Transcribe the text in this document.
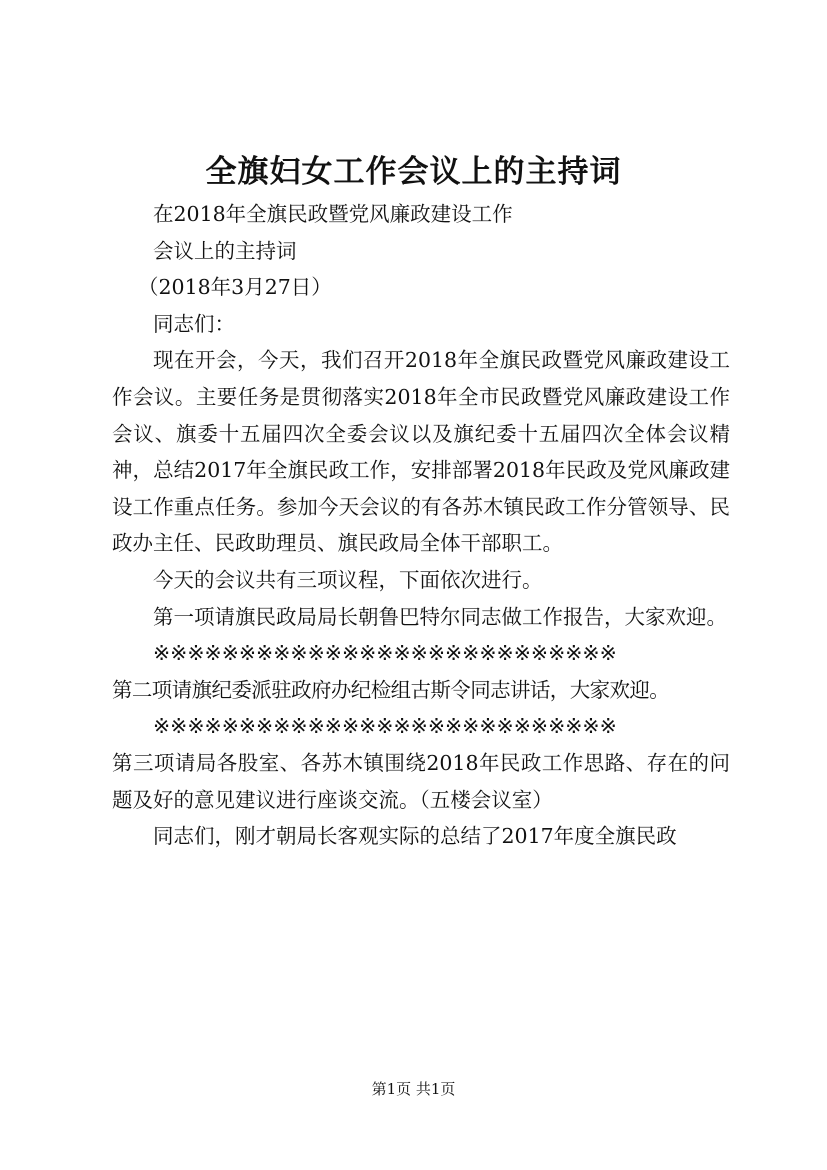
全旗妇女工作会议上的主持词

在2018年全旗民政暨党风廉政建设工作

会议上的主持词

（2018年3月27日）

同志们：

现在开会，今天，我们召开2018年全旗民政暨党风廉政建设工作会议。主要任务是贯彻落实2018年全市民政暨党风廉政建设工作会议、旗委十五届四次全委会议以及旗纪委十五届四次全体会议精神，总结2017年全旗民政工作，安排部署2018年民政及党风廉政建设工作重点任务。参加今天会议的有各苏木镇民政工作分管领导、民政办主任、民政助理员、旗民政局全体干部职工。

今天的会议共有三项议程，下面依次进行。

第一项请旗民政局局长朝鲁巴特尔同志做工作报告，大家欢迎。

※※※※※※※※※※※※※※※※※※※※※※※※※※※

第二项请旗纪委派驻政府办纪检组古斯令同志讲话，大家欢迎。

※※※※※※※※※※※※※※※※※※※※※※※※※※※

第三项请局各股室、各苏木镇围绕2018年民政工作思路、存在的问题及好的意见建议进行座谈交流。（五楼会议室）

同志们，刚才朝局长客观实际的总结了2017年度全旗民政

第1页 共1页
